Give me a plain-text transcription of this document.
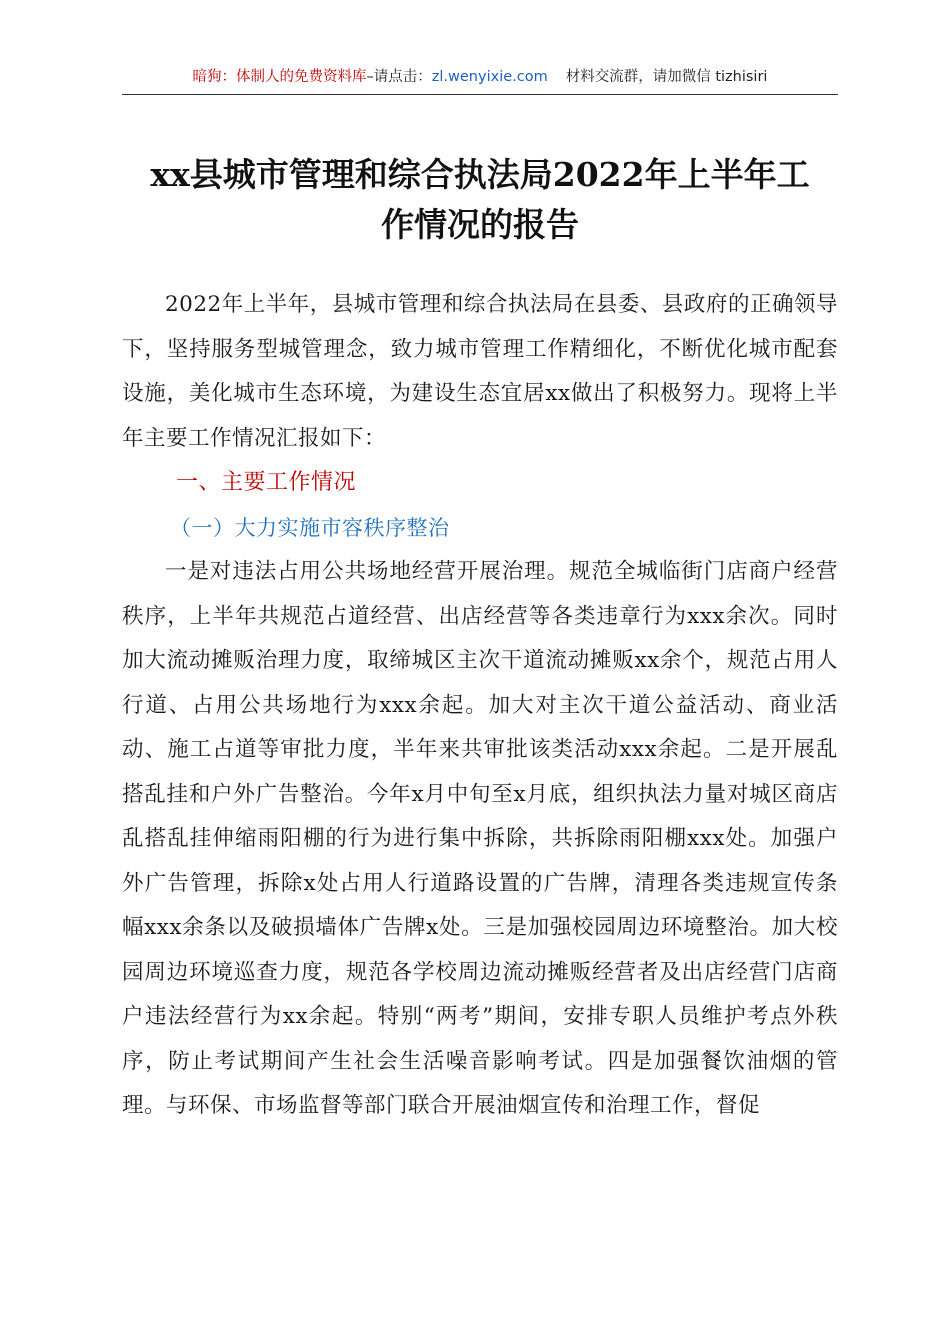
暗狗：体制人的免费资料库–请点击：zl.wenyixie.com 材料交流群，请加微信 tizhisiri
xx县城市管理和综合执法局2022年上半年工
作情况的报告

2022年上半年，县城市管理和综合执法局在县委、县政府的正确领导下，坚持服务型城管理念，致力城市管理工作精细化，不断优化城市配套设施，美化城市生态环境，为建设生态宜居xx做出了积极努力。现将上半年主要工作情况汇报如下：

一、主要工作情况
（一）大力实施市容秩序整治

一是对违法占用公共场地经营开展治理。规范全城临街门店商户经营秩序，上半年共规范占道经营、出店经营等各类违章行为xxx余次。同时加大流动摊贩治理力度，取缔城区主次干道流动摊贩xx余个，规范占用人行道、占用公共场地行为xxx余起。加大对主次干道公益活动、商业活动、施工占道等审批力度，半年来共审批该类活动xxx余起。二是开展乱搭乱挂和户外广告整治。今年x月中旬至x月底，组织执法力量对城区商店乱搭乱挂伸缩雨阳棚的行为进行集中拆除，共拆除雨阳棚xxx处。加强户外广告管理，拆除x处占用人行道路设置的广告牌，清理各类违规宣传条幅xxx余条以及破损墙体广告牌x处。三是加强校园周边环境整治。加大校园周边环境巡查力度，规范各学校周边流动摊贩经营者及出店经营门店商户违法经营行为xx余起。特别“两考”期间，安排专职人员维护考点外秩序，防止考试期间产生社会生活噪音影响考试。四是加强餐饮油烟的管理。与环保、市场监督等部门联合开展油烟宣传和治理工作，督促
